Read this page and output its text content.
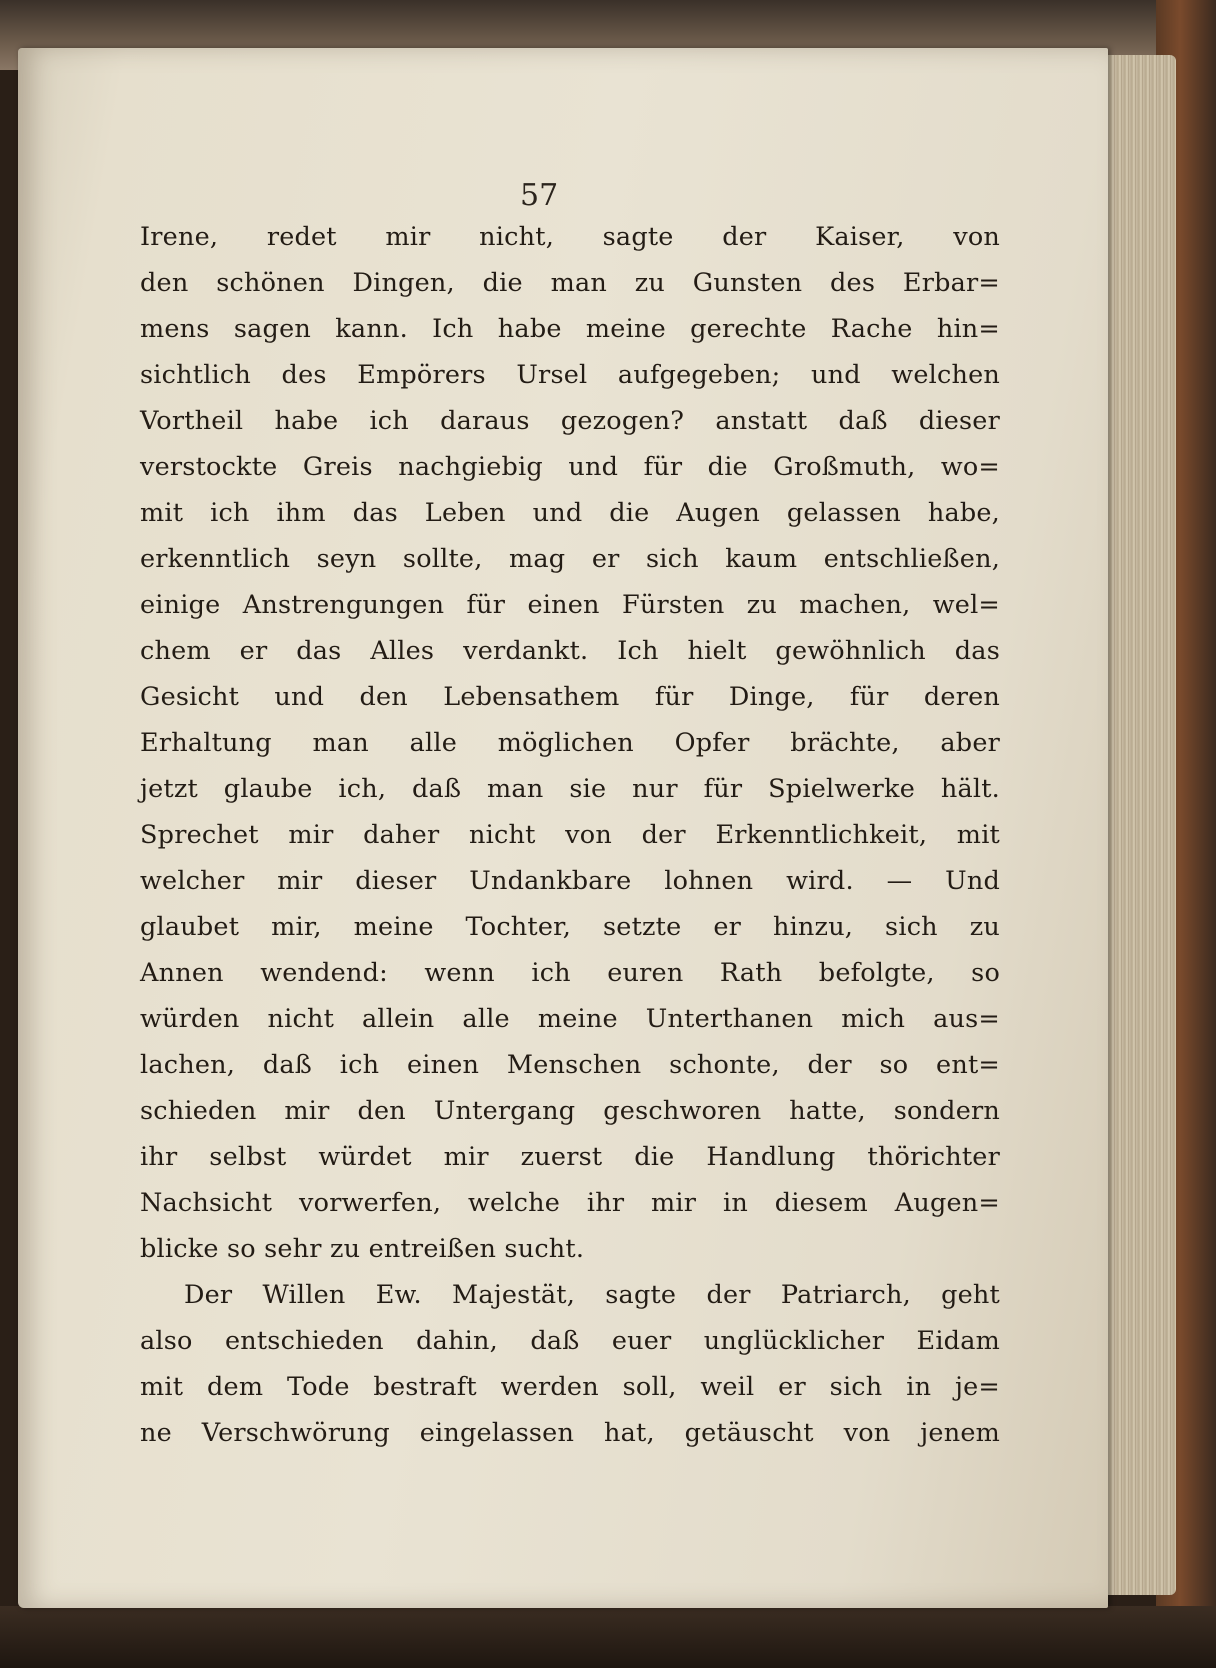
57
Irene, redet mir nicht, sagte der Kaiser, von
den schönen Dingen, die man zu Gunsten des Erbar=
mens sagen kann. Ich habe meine gerechte Rache hin=
sichtlich des Empörers Ursel aufgegeben; und welchen
Vortheil habe ich daraus gezogen? anstatt daß dieser
verstockte Greis nachgiebig und für die Großmuth, wo=
mit ich ihm das Leben und die Augen gelassen habe,
erkenntlich seyn sollte, mag er sich kaum entschließen,
einige Anstrengungen für einen Fürsten zu machen, wel=
chem er das Alles verdankt. Ich hielt gewöhnlich das
Gesicht und den Lebensathem für Dinge, für deren
Erhaltung man alle möglichen Opfer brächte, aber
jetzt glaube ich, daß man sie nur für Spielwerke hält.
Sprechet mir daher nicht von der Erkenntlichkeit, mit
welcher mir dieser Undankbare lohnen wird. — Und
glaubet mir, meine Tochter, setzte er hinzu, sich zu
Annen wendend: wenn ich euren Rath befolgte, so
würden nicht allein alle meine Unterthanen mich aus=
lachen, daß ich einen Menschen schonte, der so ent=
schieden mir den Untergang geschworen hatte, sondern
ihr selbst würdet mir zuerst die Handlung thörichter
Nachsicht vorwerfen, welche ihr mir in diesem Augen=
blicke so sehr zu entreißen sucht.
Der Willen Ew. Majestät, sagte der Patriarch, geht
also entschieden dahin, daß euer unglücklicher Eidam
mit dem Tode bestraft werden soll, weil er sich in je=
ne Verschwörung eingelassen hat, getäuscht von jenem
